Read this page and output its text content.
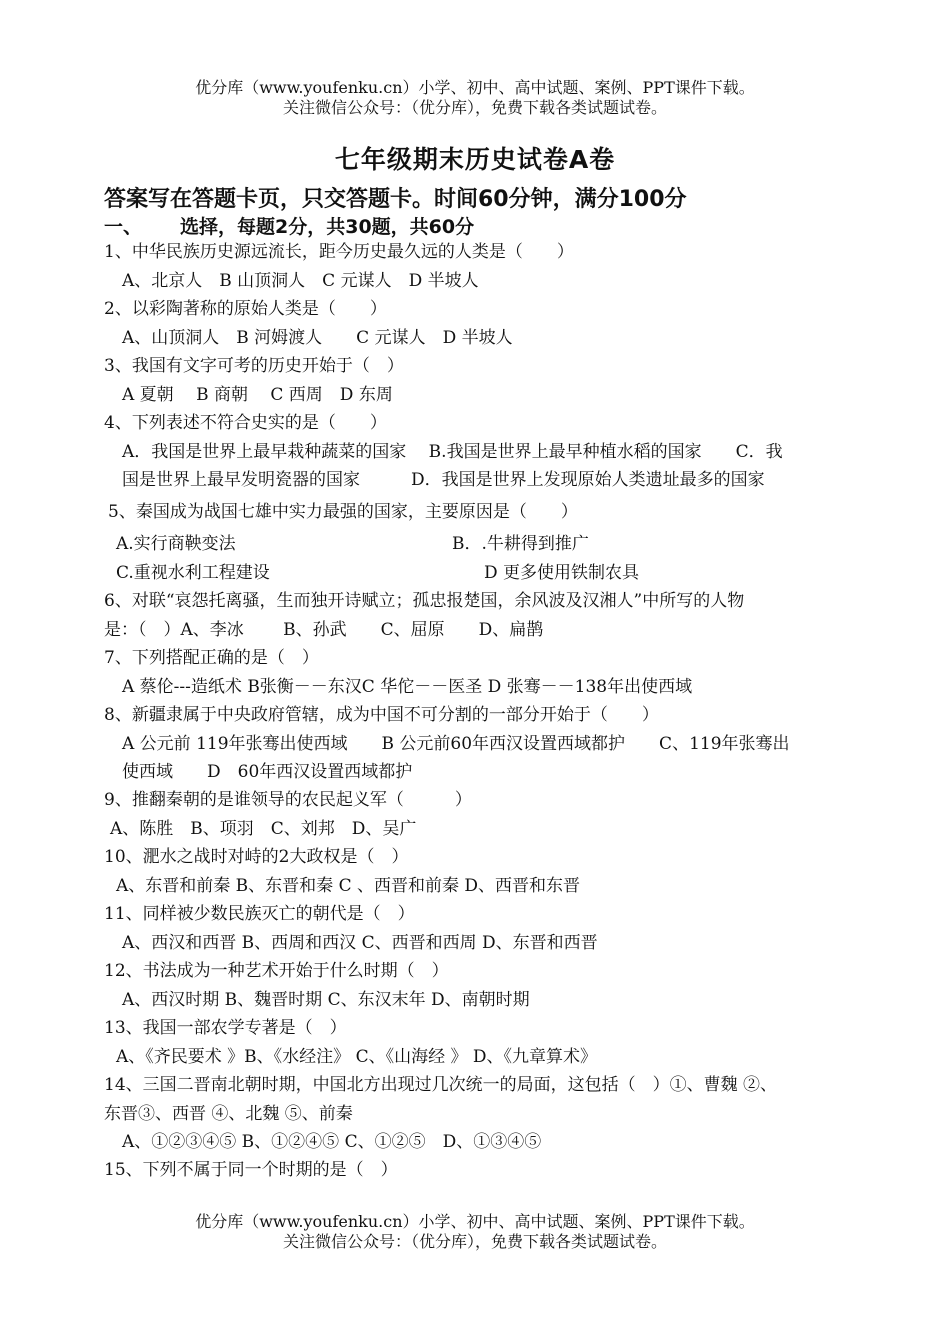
优分库（www.youfenku.cn）小学、初中、高中试题、案例、PPT课件下载。
关注微信公众号：（优分库），免费下载各类试题试卷。
七年级期末历史试卷A卷
答案写在答题卡页，只交答题卡。时间60分钟，满分100分
一、 选择，每题2分，共30题，共60分
1、中华民族历史源远流长，距今历史最久远的人类是（　　）
A、北京人　B 山顶洞人　C 元谋人　D 半坡人
2、以彩陶著称的原始人类是（　　）
A、山顶洞人　B 河姆渡人　　C 元谋人　D 半坡人
3、我国有文字可考的历史开始于（　）
A 夏朝　 B 商朝　 C 西周　D 东周
4、下列表述不符合史实的是（　　）
A．我国是世界上最早栽种蔬菜的国家　 B.我国是世界上最早种植水稻的国家　　C．我
国是世界上最早发明瓷器的国家　　　D．我国是世界上发现原始人类遗址最多的国家
5、秦国成为战国七雄中实力最强的国家，主要原因是（　　）
A.实行商鞅变法	B．.牛耕得到推广
C.重视水利工程建设	D 更多使用铁制农具
6、对联“哀怨托离骚，生而独开诗赋立；孤忠报楚国，余风波及汉湘人”中所写的人物
是：（　）A、李冰　　 B、孙武　　C、屈原　　D、扁鹊
7、下列搭配正确的是（　）
A 蔡伦---造纸术 B张衡－－东汉C 华佗－－医圣 D 张骞－－138年出使西域
8、新疆隶属于中央政府管辖，成为中国不可分割的一部分开始于（　　）
A 公元前 119年张骞出使西域　　B 公元前60年西汉设置西域都护　　C、119年张骞出
使西域　　D　60年西汉设置西域都护
9、推翻秦朝的是谁领导的农民起义军（　　　）
A、陈胜　B、项羽　C、刘邦　D、吴广
10、淝水之战时对峙的2大政权是（　）
A、东晋和前秦 B、东晋和秦 C 、西晋和前秦 D、西晋和东晋
11、同样被少数民族灭亡的朝代是（　）
A、西汉和西晋 B、西周和西汉 C、西晋和西周 D、东晋和西晋
12、书法成为一种艺术开始于什么时期（　）
A、西汉时期 B、魏晋时期 C、东汉末年 D、南朝时期
13、我国一部农学专著是（　）
A、《齐民要术 》B、《水经注》 C、《山海经 》 D、《九章算术》
14、三国二晋南北朝时期，中国北方出现过几次统一的局面，这包括（　）①、曹魏 ②、
东晋③、西晋 ④、北魏 ⑤、前秦
A、①②③④⑤ B、①②④⑤ C、①②⑤　D、①③④⑤
15、下列不属于同一个时期的是（　）
优分库（www.youfenku.cn）小学、初中、高中试题、案例、PPT课件下载。
关注微信公众号：（优分库），免费下载各类试题试卷。
